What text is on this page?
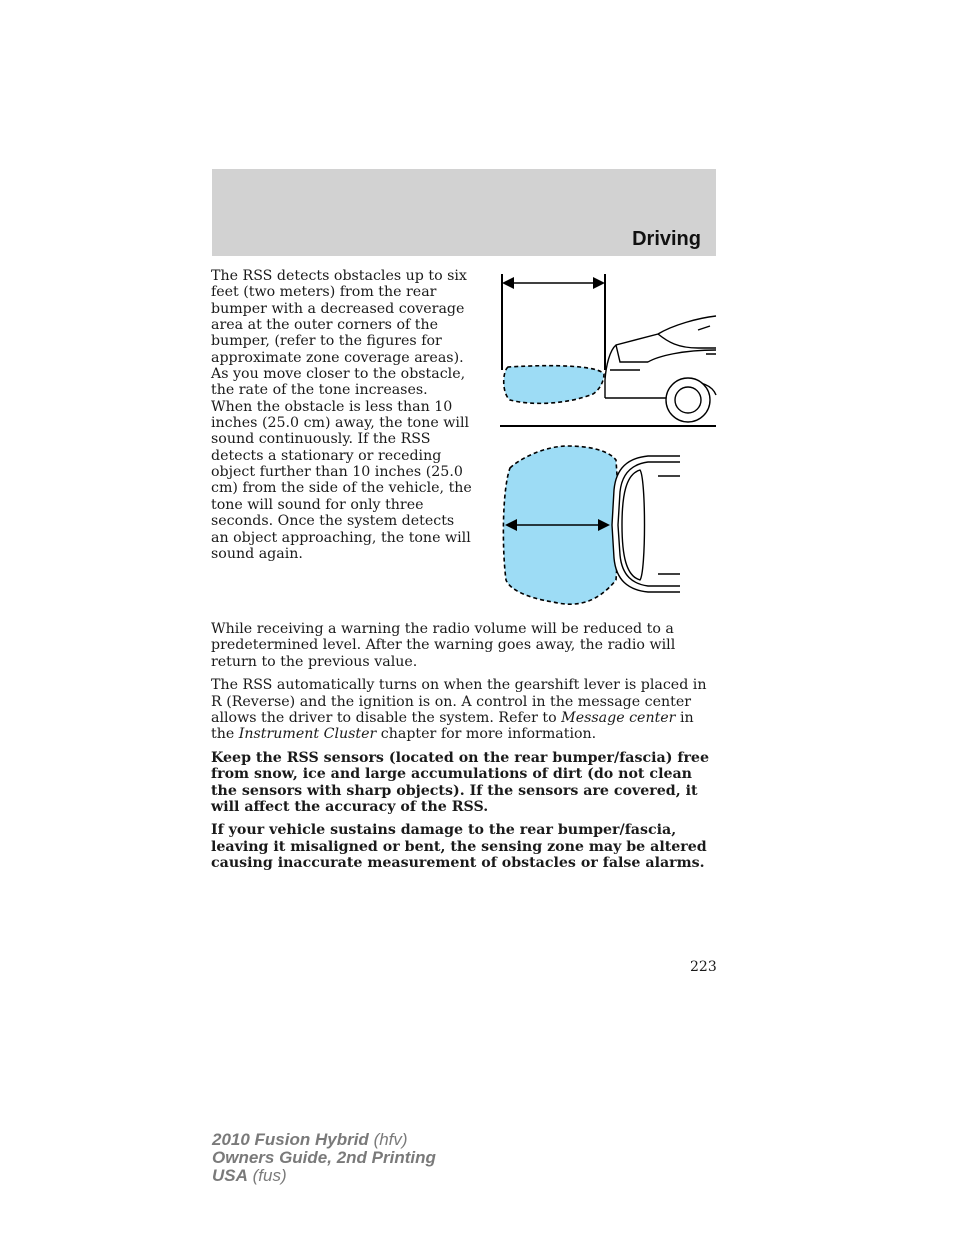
Driving
The RSS detects obstacles up to six feet (two meters) from the rear bumper with a decreased coverage area at the outer corners of the bumper, (refer to the figures for approximate zone coverage areas). As you move closer to the obstacle, the rate of the tone increases. When the obstacle is less than 10 inches (25.0 cm) away, the tone will sound continuously. If the RSS detects a stationary or receding object further than 10 inches (25.0 cm) from the side of the vehicle, the tone will sound for only three seconds. Once the system detects an object approaching, the tone will sound again.

While receiving a warning the radio volume will be reduced to a predetermined level. After the warning goes away, the radio will return to the previous value.

The RSS automatically turns on when the gearshift lever is placed in R (Reverse) and the ignition is on. A control in the message center allows the driver to disable the system. Refer to Message center in the Instrument Cluster chapter for more information.

Keep the RSS sensors (located on the rear bumper/fascia) free from snow, ice and large accumulations of dirt (do not clean the sensors with sharp objects). If the sensors are covered, it will affect the accuracy of the RSS.

If your vehicle sustains damage to the rear bumper/fascia, leaving it misaligned or bent, the sensing zone may be altered causing inaccurate measurement of obstacles or false alarms.

223
2010 Fusion Hybrid (hfv)
Owners Guide, 2nd Printing
USA (fus)
